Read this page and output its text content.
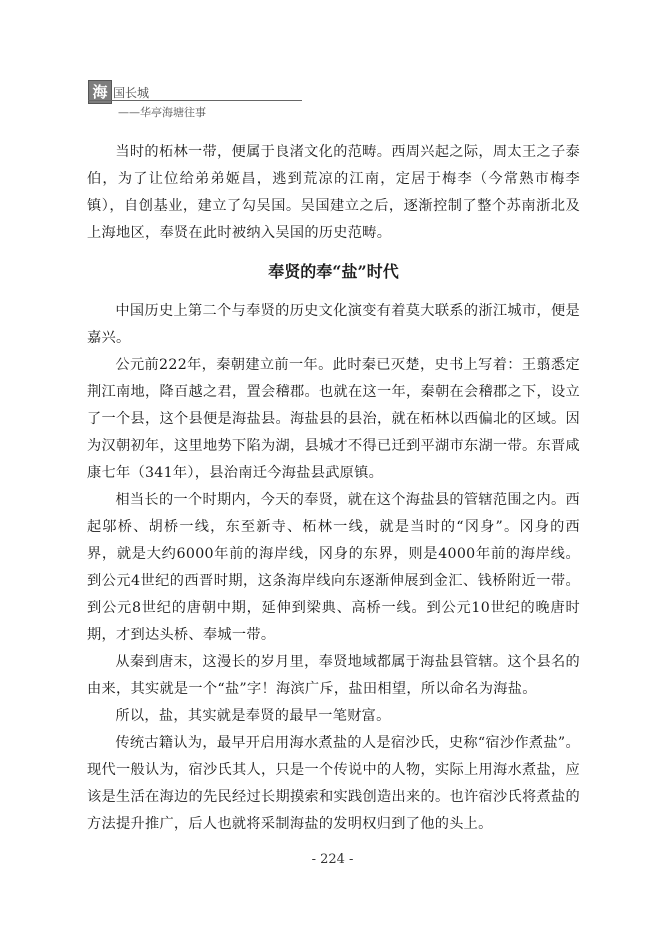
海 国长城
——华亭海塘往事

当时的柘林一带，便属于良渚文化的范畴。西周兴起之际，周太王之子泰伯，为了让位给弟弟姬昌，逃到荒凉的江南，定居于梅李（今常熟市梅李镇），自创基业，建立了勾吴国。吴国建立之后，逐渐控制了整个苏南浙北及上海地区，奉贤在此时被纳入吴国的历史范畴。

奉贤的奉“盐”时代

中国历史上第二个与奉贤的历史文化演变有着莫大联系的浙江城市，便是嘉兴。

公元前222年，秦朝建立前一年。此时秦已灭楚，史书上写着：王翦悉定荆江南地，降百越之君，置会稽郡。也就在这一年，秦朝在会稽郡之下，设立了一个县，这个县便是海盐县。海盐县的县治，就在柘林以西偏北的区域。因为汉朝初年，这里地势下陷为湖，县城才不得已迁到平湖市东湖一带。东晋咸康七年（341年），县治南迁今海盐县武原镇。

相当长的一个时期内，今天的奉贤，就在这个海盐县的管辖范围之内。西起邬桥、胡桥一线，东至新寺、柘林一线，就是当时的“冈身”。冈身的西界，就是大约6000年前的海岸线，冈身的东界，则是4000年前的海岸线。到公元4世纪的西晋时期，这条海岸线向东逐渐伸展到金汇、钱桥附近一带。到公元8世纪的唐朝中期，延伸到梁典、高桥一线。到公元10世纪的晚唐时期，才到达头桥、奉城一带。

从秦到唐末，这漫长的岁月里，奉贤地域都属于海盐县管辖。这个县名的由来，其实就是一个“盐”字！海滨广斥，盐田相望，所以命名为海盐。

所以，盐，其实就是奉贤的最早一笔财富。

传统古籍认为，最早开启用海水煮盐的人是宿沙氏，史称“宿沙作煮盐”。现代一般认为，宿沙氏其人，只是一个传说中的人物，实际上用海水煮盐，应该是生活在海边的先民经过长期摸索和实践创造出来的。也许宿沙氏将煮盐的方法提升推广，后人也就将采制海盐的发明权归到了他的头上。

- 224 -
